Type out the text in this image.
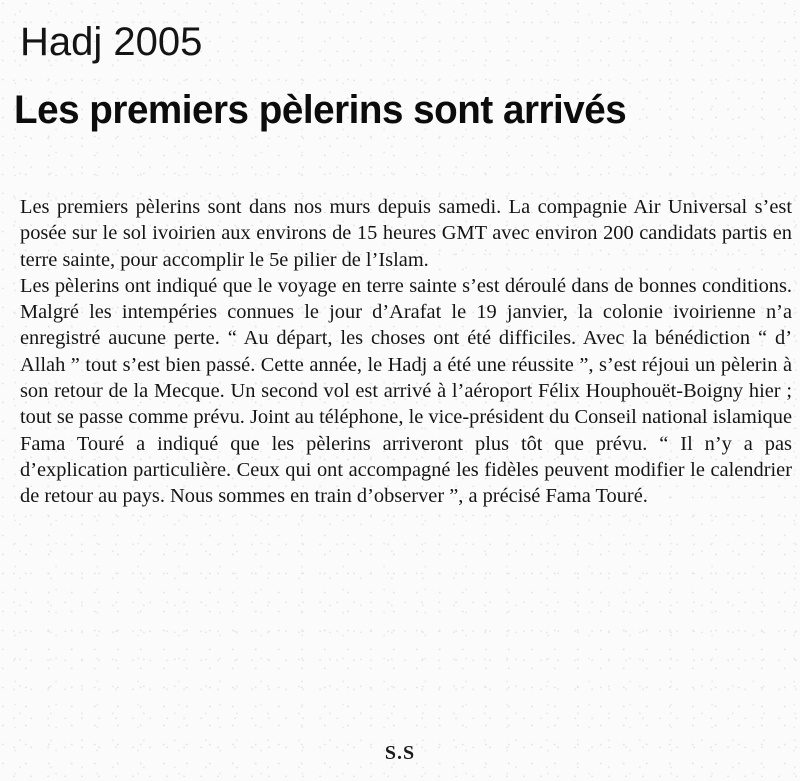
Hadj 2005
Les premiers pèlerins sont arrivés

Les premiers pèlerins sont dans nos murs depuis samedi. La compagnie Air Universal s’est posée sur le sol ivoirien aux environs de 15 heures GMT avec environ 200 candidats partis en terre sainte, pour accomplir le 5e pilier de l’Islam.

Les pèlerins ont indiqué que le voyage en terre sainte s’est déroulé dans de bonnes conditions. Malgré les intempéries connues le jour d’Arafat le 19 janvier, la colonie ivoirienne n’a enregistré aucune perte. “ Au départ, les choses ont été difficiles. Avec la bénédiction “ d’ Allah ” tout s’est bien passé. Cette année, le Hadj a été une réussite ”, s’est réjoui un pèlerin à son retour de la Mecque. Un second vol est arrivé à l’aéroport Félix Houphouët-Boigny hier ; tout se passe comme prévu. Joint au téléphone, le vice-président du Conseil national islamique Fama Touré a indiqué que les pèlerins arriveront plus tôt que prévu. “ Il n’y a pas d’explication particulière. Ceux qui ont accompagné les fidèles peuvent modifier le calendrier de retour au pays. Nous sommes en train d’observer ”, a précisé Fama Touré.

S.S
